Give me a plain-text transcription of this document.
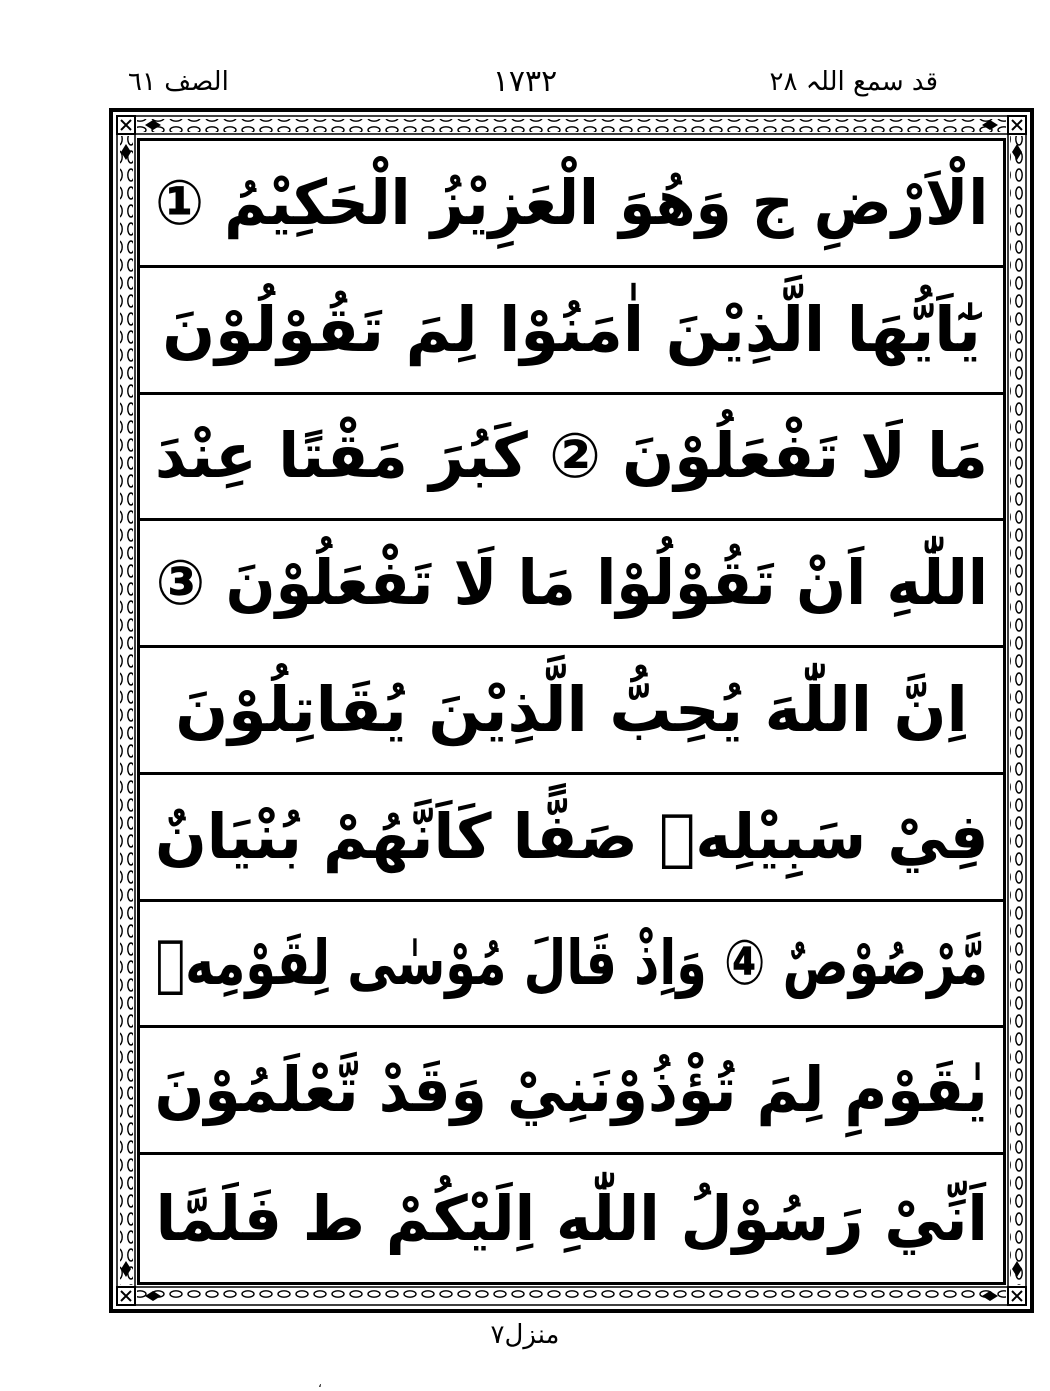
الصف ٦١	١٧٣٢	قد سمع اللہ ٢٨
الْاَرْضِ ج وَهُوَ الْعَزِيْزُ الْحَكِيْمُ ①
يٰٓاَيُّهَا الَّذِيْنَ اٰمَنُوْا لِمَ تَقُوْلُوْنَ
مَا لَا تَفْعَلُوْنَ ② كَبُرَ مَقْتًا عِنْدَ
اللّٰهِ اَنْ تَقُوْلُوْا مَا لَا تَفْعَلُوْنَ ③
اِنَّ اللّٰهَ يُحِبُّ الَّذِيْنَ يُقَاتِلُوْنَ
فِيْ سَبِيْلِهٖ صَفًّا كَاَنَّهُمْ بُنْيَانٌ
مَّرْصُوْصٌ ④ وَاِذْ قَالَ مُوْسٰى لِقَوْمِهٖ
يٰقَوْمِ لِمَ تُؤْذُوْنَنِيْ وَقَدْ تَّعْلَمُوْنَ
اَنِّيْ رَسُوْلُ اللّٰهِ اِلَيْكُمْ ط فَلَمَّا
منزل٧
،
